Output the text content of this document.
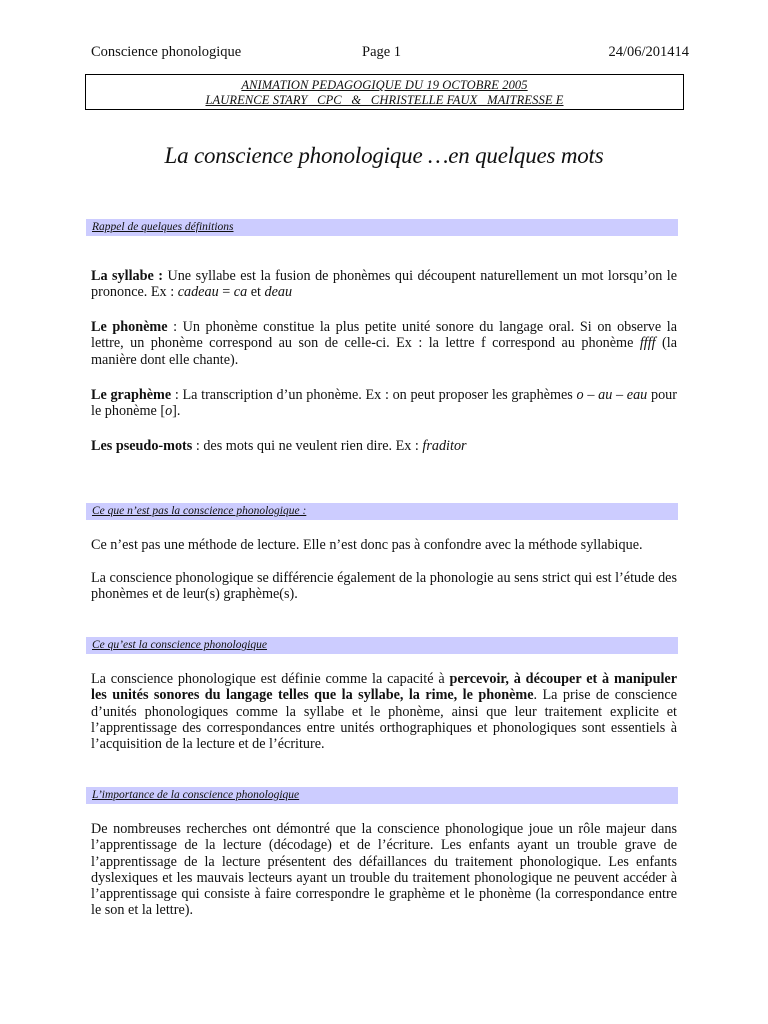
Conscience phonologique	Page 1	24/06/201414
ANIMATION PEDAGOGIQUE DU 19 OCTOBRE 2005
LAURENCE STARY   CPC   &   CHRISTELLE FAUX   MAITRESSE E
La conscience phonologique …en quelques mots
Rappel de quelques définitions
La syllabe : Une syllabe est la fusion de phonèmes qui découpent naturellement un mot lorsqu’on le prononce. Ex : cadeau = ca et deau
Le phonème : Un phonème constitue la plus petite unité sonore du langage oral. Si on observe la lettre, un phonème correspond au son de celle-ci. Ex : la lettre f correspond au phonème ffff (la manière dont elle chante).
Le graphème : La transcription d’un phonème. Ex : on peut proposer les graphèmes o – au – eau pour le phonème [o].
Les pseudo-mots : des mots qui ne veulent rien dire. Ex : fraditor
Ce que n’est pas la conscience phonologique :
Ce n’est pas une méthode de lecture. Elle n’est donc pas à confondre avec la méthode syllabique.
La conscience phonologique se différencie également de la phonologie au sens strict qui est l’étude des phonèmes et de leur(s) graphème(s).
Ce qu’est la conscience phonologique
La conscience phonologique est définie comme la capacité à percevoir, à découper et à manipuler les unités sonores du langage telles que la syllabe, la rime, le phonème. La prise de conscience d’unités phonologiques comme la syllabe et le phonème, ainsi que leur traitement explicite et l’apprentissage des correspondances entre unités orthographiques et phonologiques sont essentiels à l’acquisition de la lecture et de l’écriture.
L’importance de la conscience phonologique
De nombreuses recherches ont démontré que la conscience phonologique joue un rôle majeur dans l’apprentissage de la lecture (décodage) et de l’écriture. Les enfants ayant un trouble grave de l’apprentissage de la lecture présentent des défaillances du traitement phonologique. Les enfants dyslexiques et les mauvais lecteurs ayant un trouble du traitement phonologique ne peuvent accéder à l’apprentissage qui consiste à faire correspondre le graphème et le phonème (la correspondance entre le son et la lettre).
